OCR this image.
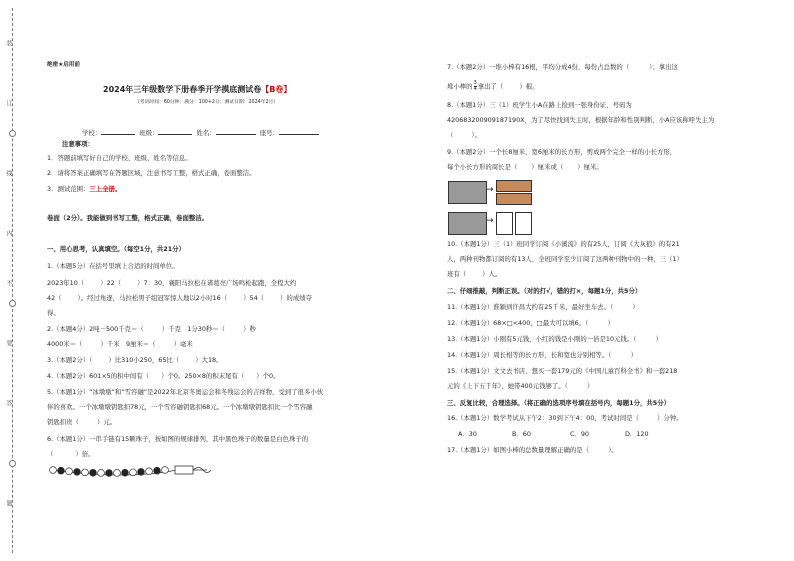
装
订
线
内
不
要
答
题
绝密★启用前
2024年三年级数学下册春季开学摸底测试卷【B卷】
（考试时间：60分钟；满分：100+2分；测试日期：2024年2月）
学校：	班级：	姓名：	座号：
注意事项：
1．答题前填写好自己的学校、班级、姓名等信息。
2．请将答案正确填写在答题区域，注意书写工整，格式正确，卷面整洁。
3．测试范围：三上全册。
卷面（2分）。我能做到书写工整，格式正确，卷面整洁。
一、用心思考，认真填空。（每空1分，共21分）
1.（本题5分）在括号里填上合适的时间单位。
2023年10（	）22（	）7：30，襄阳马拉松在诸葛亮广场鸣枪起跑，全程大约
42（	）。经过角逐，马拉松男子组冠军惊人地以2小时16（	）54（	）的成绩夺
得。
2.（本题4分）2吨－500千克＝（	）千克　1分30秒＝（	）秒
4000米＝（	）千米　9厘米＝（	）毫米
3.（本题2分）（	）比310小250，65比（	）大18。
4.（本题2分）601×5的积中间有（ ）个0。250×8的积末尾有（ ）个0。
5.（本题1分）“冰墩墩”和“雪容融”是2022年北京冬奥运会和冬残运会的吉祥物，受到了很多小伙
伴的喜欢。一个冰墩墩钥匙扣78元，一个雪容融钥匙扣68元。一个冰墩墩钥匙扣比一个雪容融
钥匙扣贵（	）元。
6.（本题1分）一串手链有15颗珠子，按如图的规律排列，其中黑色珠子的数量是白色珠子的
（	）倍。
7.（本题2分）一堆小棒有16根，平均分成4份，每份占总数的（	）；拿出这
堆小棒的 $\frac{3}{4}$ 拿出了（	）根。
8.（本题1分）三（1）班学生小A在路上捡到一张身份证，号码为
420683200909187190X，为了尽快找到失主时，根据年龄和性别判断，小A应该称呼失主为
（	）。
9.（本题2分）一个长8厘米，宽6厘米的长方形，剪成两个完全一样的小长方形，
每个小长方形的周长是（ ）厘米或（ ）厘米。
→
→
10.（本题1分）三（1）班同学订阅《小溪流》的有25人，订阅《大灰狼》的有21
人，两种刊物都订阅的有13人，全班同学至少订阅了这两种刊物中的一种，三（1）
班有（	）人。
二、仔细推敲，判断正误。（对的打√，错的打×，每题1分，共5分）
11.（本题1分）淮颖到许昌大约有25千米，最好坐车去。（　　　）
12.（本题1分）68×□<400，□最大可以填6。（　　　）
13.（本题1分）小刚有5元钱，小红的钱是小刚的一倍是10元钱。（　　　）
14.（本题1分）周长相等的长方形，长和宽也分别相等。（　　　）
15.（本题1分）文文去书店，想买一套179元的《中国儿童百科全书》和一套218
元的《上下五千年》，她带400元钱够了。（　　　）
三、反复比较，合理选择。（将正确的选项序号填在括号内，每题1分，共5分）
16.（本题1分）数学考试从下午2：30到下午4：00，考试时间是（	）分钟。
A．30	B．60	C．90	D．120
17.（本题1分）如图小棒的总数量理解正确的是（　　　）。
